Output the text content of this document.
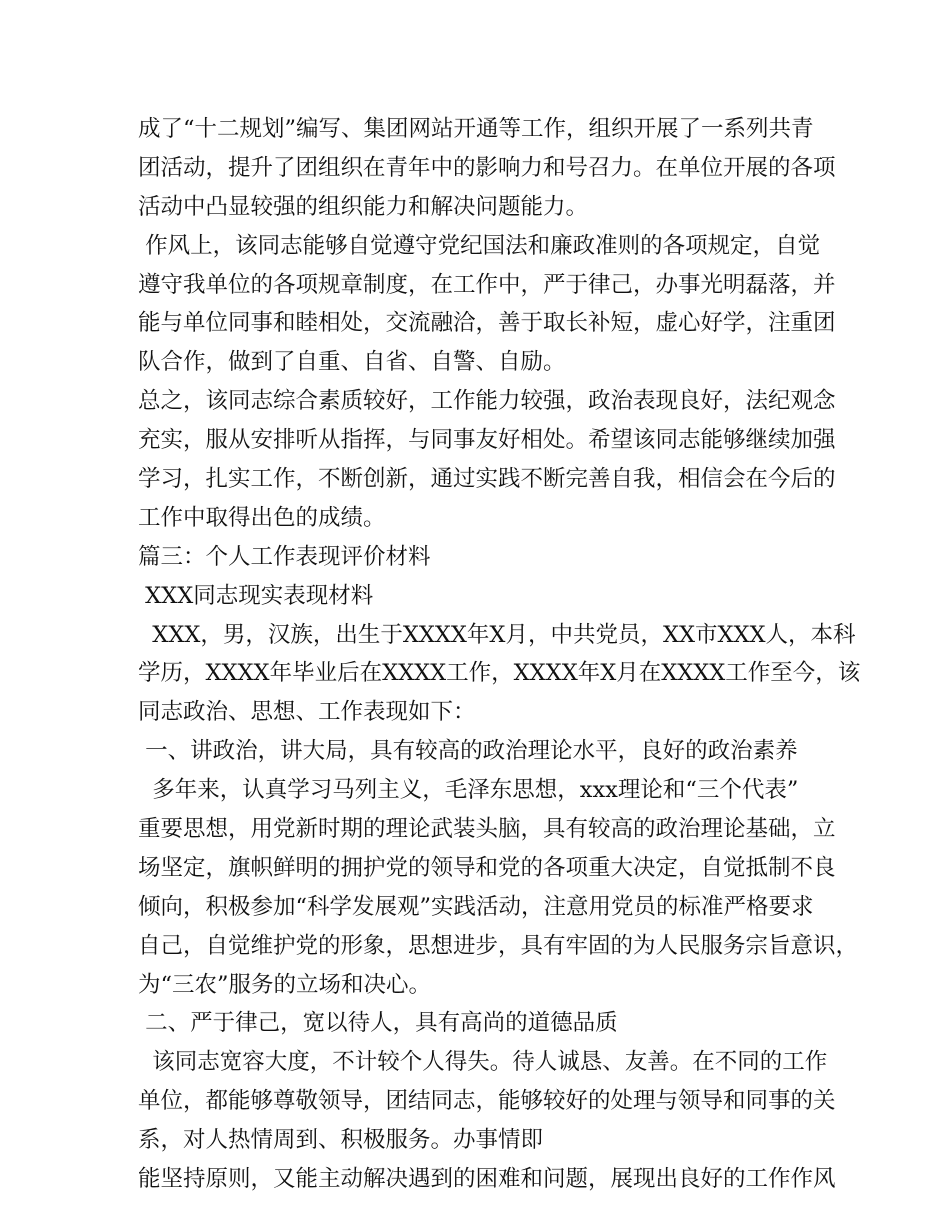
成了“十二规划”编写、集团网站开通等工作，组织开展了一系列共青
团活动，提升了团组织在青年中的影响力和号召力。在单位开展的各项
活动中凸显较强的组织能力和解决问题能力。
作风上，该同志能够自觉遵守党纪国法和廉政准则的各项规定，自觉
遵守我单位的各项规章制度，在工作中，严于律己，办事光明磊落，并
能与单位同事和睦相处，交流融洽，善于取长补短，虚心好学，注重团
队合作，做到了自重、自省、自警、自励。
总之，该同志综合素质较好，工作能力较强，政治表现良好，法纪观念
充实，服从安排听从指挥，与同事友好相处。希望该同志能够继续加强
学习，扎实工作，不断创新，通过实践不断完善自我，相信会在今后的
工作中取得出色的成绩。
篇三：个人工作表现评价材料
XXX同志现实表现材料
XXX，男，汉族，出生于XXXX年X月，中共党员，XX市XXX人，本科
学历，XXXX年毕业后在XXXX工作，XXXX年X月在XXXX工作至今，该
同志政治、思想、工作表现如下：
一、讲政治，讲大局，具有较高的政治理论水平，良好的政治素养
多年来，认真学习马列主义，毛泽东思想，xxx理论和“三个代表”
重要思想，用党新时期的理论武装头脑，具有较高的政治理论基础，立
场坚定，旗帜鲜明的拥护党的领导和党的各项重大决定，自觉抵制不良
倾向，积极参加“科学发展观”实践活动，注意用党员的标准严格要求
自己，自觉维护党的形象，思想进步，具有牢固的为人民服务宗旨意识，
为“三农”服务的立场和决心。
二、严于律己，宽以待人，具有高尚的道德品质
该同志宽容大度，不计较个人得失。待人诚恳、友善。在不同的工作
单位，都能够尊敬领导，团结同志，能够较好的处理与领导和同事的关
系，对人热情周到、积极服务。办事情即
能坚持原则，又能主动解决遇到的困难和问题，展现出良好的工作作风
